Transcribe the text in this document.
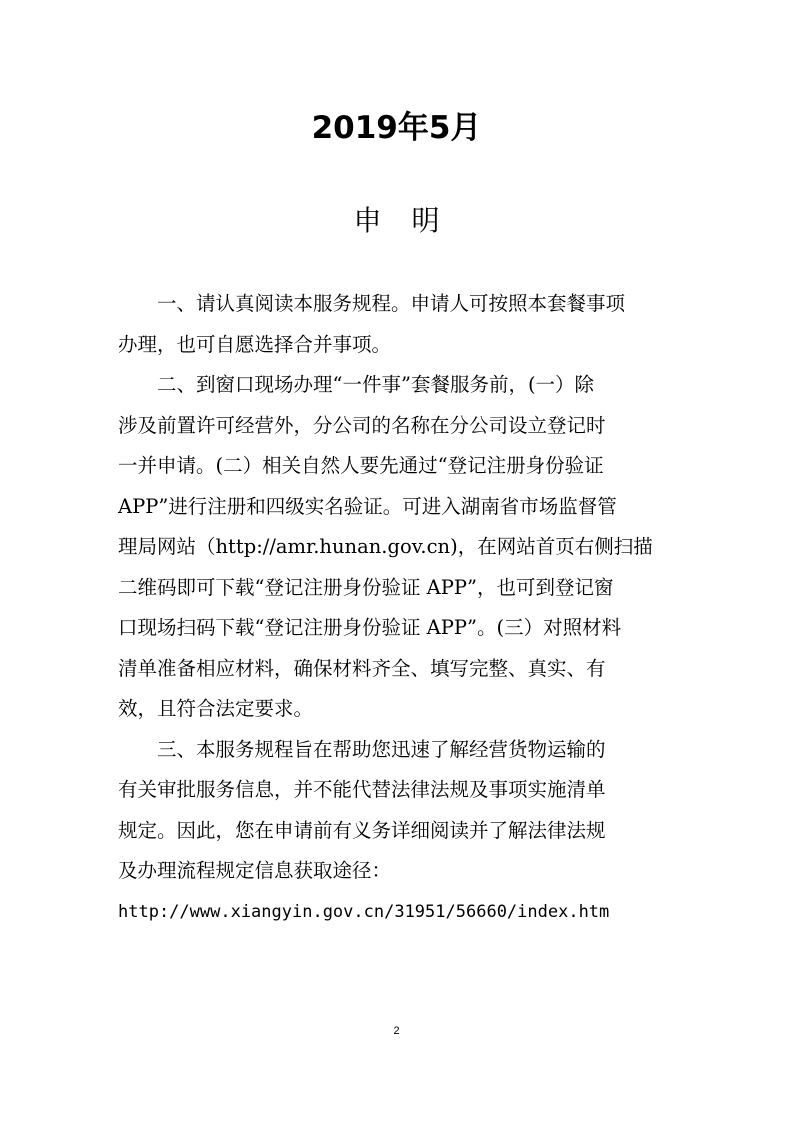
2019年5月
申明

一、请认真阅读本服务规程。申请人可按照本套餐事项
办理，也可自愿选择合并事项。

二、到窗口现场办理“一件事”套餐服务前，(一）除
涉及前置许可经营外，分公司的名称在分公司设立登记时
一并申请。(二）相关自然人要先通过“登记注册身份验证
APP”进行注册和四级实名验证。可进入湖南省市场监督管
理局网站（http://amr.hunan.gov.cn)，在网站首页右侧扫描
二维码即可下载“登记注册身份验证 APP”，也可到登记窗
口现场扫码下载“登记注册身份验证 APP”。(三）对照材料
清单准备相应材料，确保材料齐全、填写完整、真实、有
效，且符合法定要求。

三、本服务规程旨在帮助您迅速了解经营货物运输的
有关审批服务信息，并不能代替法律法规及事项实施清单
规定。因此，您在申请前有义务详细阅读并了解法律法规
及办理流程规定信息获取途径：

http://www.xiangyin.gov.cn/31951/56660/index.htm

2
